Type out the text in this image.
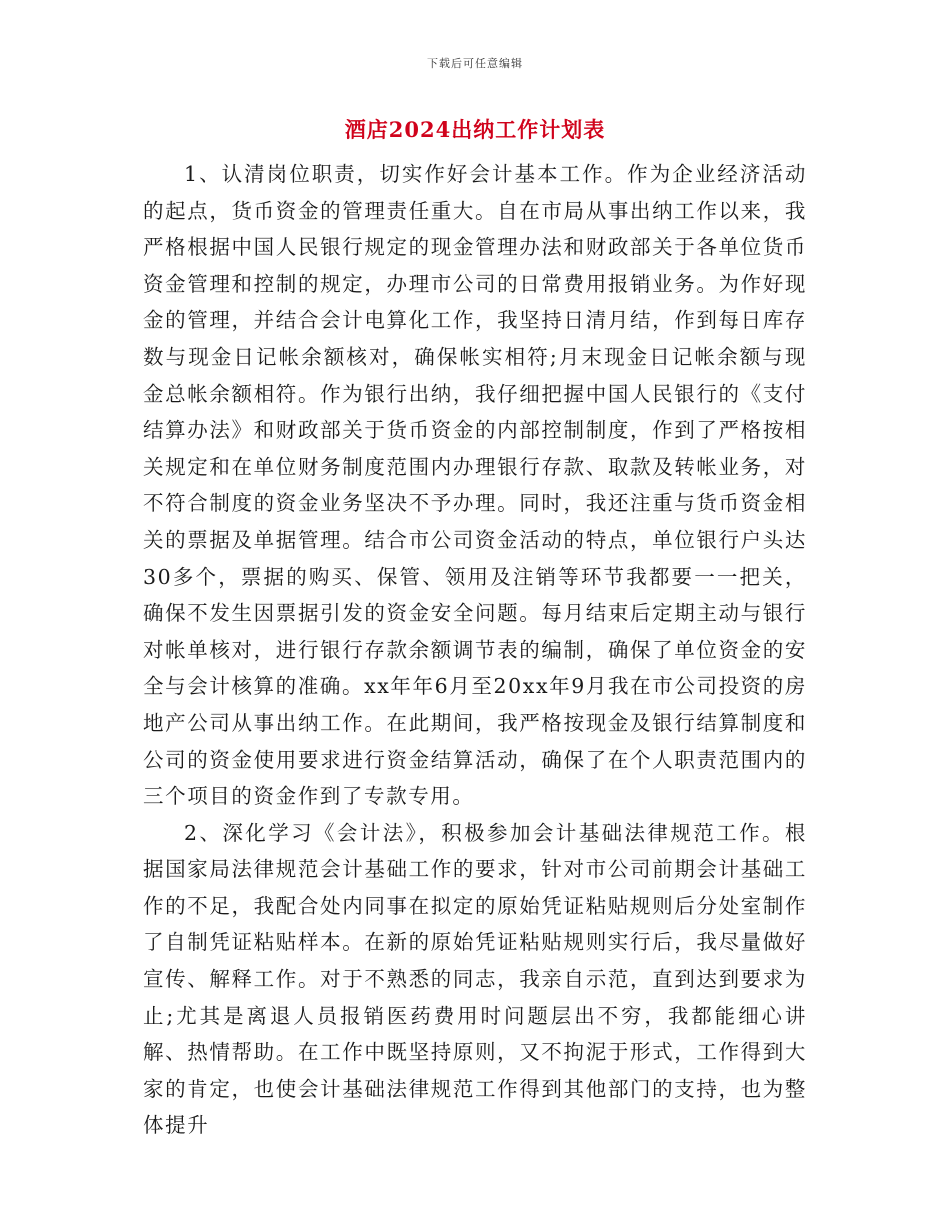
下载后可任意编辑
酒店2024出纳工作计划表

1、认清岗位职责，切实作好会计基本工作。作为企业经济活动的起点，货币资金的管理责任重大。自在市局从事出纳工作以来，我严格根据中国人民银行规定的现金管理办法和财政部关于各单位货币资金管理和控制的规定，办理市公司的日常费用报销业务。为作好现金的管理，并结合会计电算化工作，我坚持日清月结，作到每日库存数与现金日记帐余额核对，确保帐实相符;月末现金日记帐余额与现金总帐余额相符。作为银行出纳，我仔细把握中国人民银行的《支付结算办法》和财政部关于货币资金的内部控制制度，作到了严格按相关规定和在单位财务制度范围内办理银行存款、取款及转帐业务，对不符合制度的资金业务坚决不予办理。同时，我还注重与货币资金相关的票据及单据管理。结合市公司资金活动的特点，单位银行户头达30多个，票据的购买、保管、领用及注销等环节我都要一一把关，确保不发生因票据引发的资金安全问题。每月结束后定期主动与银行对帐单核对，进行银行存款余额调节表的编制，确保了单位资金的安全与会计核算的准确。xx年年6月至20xx年9月我在市公司投资的房地产公司从事出纳工作。在此期间，我严格按现金及银行结算制度和公司的资金使用要求进行资金结算活动，确保了在个人职责范围内的三个项目的资金作到了专款专用。

2、深化学习《会计法》，积极参加会计基础法律规范工作。根据国家局法律规范会计基础工作的要求，针对市公司前期会计基础工作的不足，我配合处内同事在拟定的原始凭证粘贴规则后分处室制作了自制凭证粘贴样本。在新的原始凭证粘贴规则实行后，我尽量做好宣传、解释工作。对于不熟悉的同志，我亲自示范，直到达到要求为止;尤其是离退人员报销医药费用时问题层出不穷，我都能细心讲解、热情帮助。在工作中既坚持原则，又不拘泥于形式，工作得到大家的肯定，也使会计基础法律规范工作得到其他部门的支持，也为整体提升
